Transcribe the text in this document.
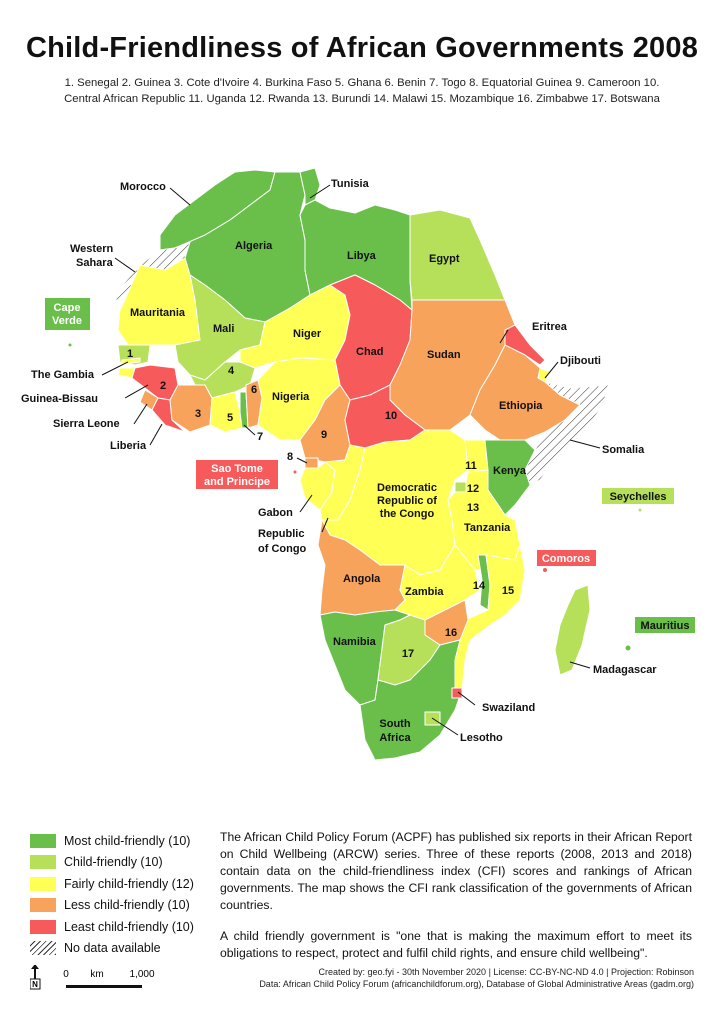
Child-Friendliness of African Governments 2008
1. Senegal 2. Guinea 3. Cote d'Ivoire 4. Burkina Faso 5. Ghana 6. Benin 7. Togo 8. Equatorial Guinea 9. Cameroon 10.
Central African Republic 11. Uganda 12. Rwanda 13. Burundi 14. Malawi 15. Mozambique 16. Zimbabwe 17. Botswana
Morocco	Tunisia
Western
Sahara
Algeria
Libya	Egypt
Cape
Verde
Mauritania
Mali	Niger
Chad	Sudan
Eritrea
Djibouti
The Gambia
Guinea-Bissau
Sierra Leone
Liberia
Nigeria
Ethiopia
Somalia
Sao Tome
and Principe
Kenya
Seychelles
Gabon
Democratic
Republic of
the Congo
Republic
of Congo
Tanzania
Comoros
Angola
Zambia
Mauritius
Madagascar
Namibia
Swaziland
South
Africa	Lesotho
1
2
3
4
5
6
7
8
9
10
11
12
13
14 15
16
17
Most child-friendly (10)
Child-friendly (10)
Fairly child-friendly (12)
Less child-friendly (10)
Least child-friendly (10)
No data available

The African Child Policy Forum (ACPF) has published six reports in their African Report on Child Wellbeing (ARCW) series. Three of these reports (2008, 2013 and 2018) contain data on the child-friendliness index (CFI) scores and rankings of African governments. The map shows the CFI rank classification of the governments of African countries.

A child friendly government is "one that is making the maximum effort to meet its obligations to respect, protect and fulfil child rights, and ensure child wellbeing".

N
0 km	1,000	Created by: geo.fyi - 30th November 2020 | License: CC-BY-NC-ND 4.0 | Projection: Robinson
Data: African Child Policy Forum (africanchildforum.org), Database of Global Administrative Areas (gadm.org)
